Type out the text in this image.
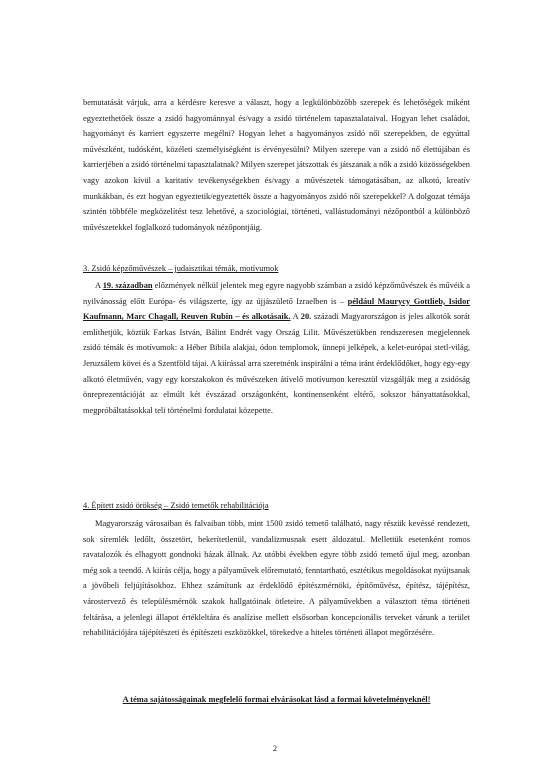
bemutatását várjuk, arra a kérdésre keresve a választ, hogy a legkülönbözőbb szerepek és lehetőségek miként egyeztethetőek össze a zsidó hagyománnyal és/vagy a zsidó történelem tapasztalataival. Hogyan lehet családot, hagyományt és karriert egyszerre megélni? Hogyan lehet a hagyományos zsidó női szerepekben, de egyúttal művészként, tudósként, közéleti személyiségként is érvényesülni? Milyen szerepe van a zsidó nő élettújában és karrierjében a zsidó történelmi tapasztalatnak? Milyen szerepet játszottak és játszanak a nők a zsidó közösségekben vagy azokon kívül a karitatív tevékenységekben és/vagy a művészetek támogatásában, az alkotó, kreatív munkákban, és ezt hogyan egyeztetik/egyeztették össze a hagyományos zsidó női szerepekkel? A dolgozat témája szintén többféle megközelítést tesz lehetővé, a szociológiai, történeti, vallástudományi nézőpontból a különböző művészetekkel foglalkozó tudományok nézőpontjáig.

3. Zsidó képzőművészek – judaisztikai témák, motívumok

A 19. században előzmények nélkül jelentek meg egyre nagyobb számban a zsidó képzőművészek és művéik a nyilvánosság előtt Európa- és világszerte, így az újjászülető Izraelben is – például Maurycy Gottlieb, Isidor Kaufmann, Marc Chagall, Reuven Rubin – és alkotásaik. A 20. századi Magyarországon is jeles alkotók sorát említhetjük, köztük Farkas István, Bálint Endrét vagy Ország Lilit. Művészetükben rendszeresen megjelennek zsidó témák és motívumok: a Héber Bibila alakjai, ódon templomok, ünnepi jelképek, a kelet-európai stetl-világ, Jeruzsálem kövei és a Szentföld tájai. A kiírással arra szeretnénk inspirálni a téma iránt érdeklődőket, hogy egy-egy alkotó életművén, vagy egy korszakokon és művészeken átívelő motívumon keresztül vizsgálják meg a zsidóság önreprezentációját az elmúlt két évszázad országonként, kontinensenként eltérő, sokszor hányattatásokkal, megpróbáltatásokkal teli történelmi fordulatai közepette.

4. Épített zsidó örökség – Zsidó temetők rehabilitációja

Magyarország városaiban és falvaiban több, mint 1500 zsidó temető található, nagy részük kevéssé rendezett, sok síremlék ledőlt, összetört, bekerítetlenül, vandalizmusnak esett áldozatul. Mellettük esetenként romos ravatalozók és elhagyott gondnoki házak állnak. Az utóbbi években egyre több zsidó temető újul meg, azonban még sok a teendő. A kiírás célja, hogy a pályaművek előremutató, fenntartható, esztétikus megoldásokat nyújtsanak a jövőbeli feljújításokhoz. Ehhez számítunk az érdeklődő építészmérnöki, építőművész, építész, tájépítész, várostervező és településmérnök szakok hallgatóinak ötleteire. A pályaművekben a választott téma történeti feltárása, a jelenlegi állapot értékleltára és analízise mellett elsősorban koncepcionális terveket várunk a terület rehabilitációjára tájépítészeti és építészeti eszközökkel, törekedve a hiteles történeti állapot megőrzésére.

A téma sajátosságainak megfelelő formai elvárásokat lásd a formai követelményeknél!
2
